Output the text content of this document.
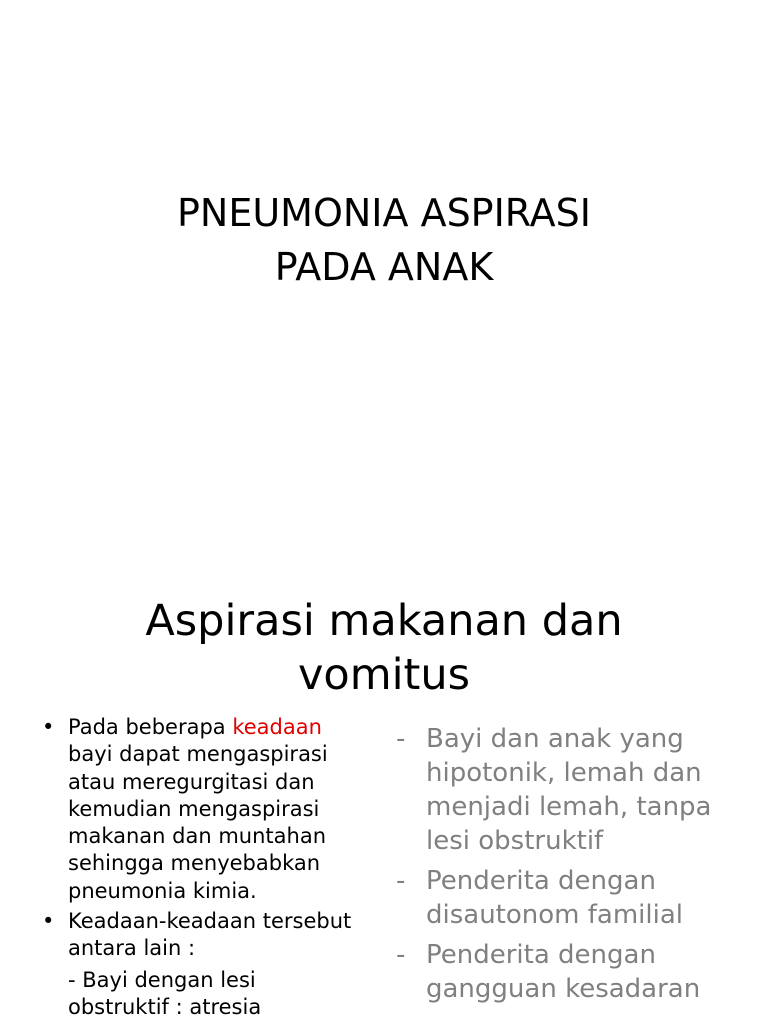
PNEUMONIA ASPIRASI
PADA ANAK
Aspirasi makanan dan
vomitus
• Pada beberapa keadaan bayi dapat mengaspirasi atau meregurgitasi dan kemudian mengaspirasi makanan dan muntahan sehingga menyebabkan pneumonia kimia.
• Keadaan-keadaan tersebut antara lain :
- Bayi dengan lesi obstruktif : atresia
- Bayi dan anak yang hipotonik, lemah dan menjadi lemah, tanpa lesi obstruktif
- Penderita dengan disautonom familial
- Penderita dengan gangguan kesadaran
